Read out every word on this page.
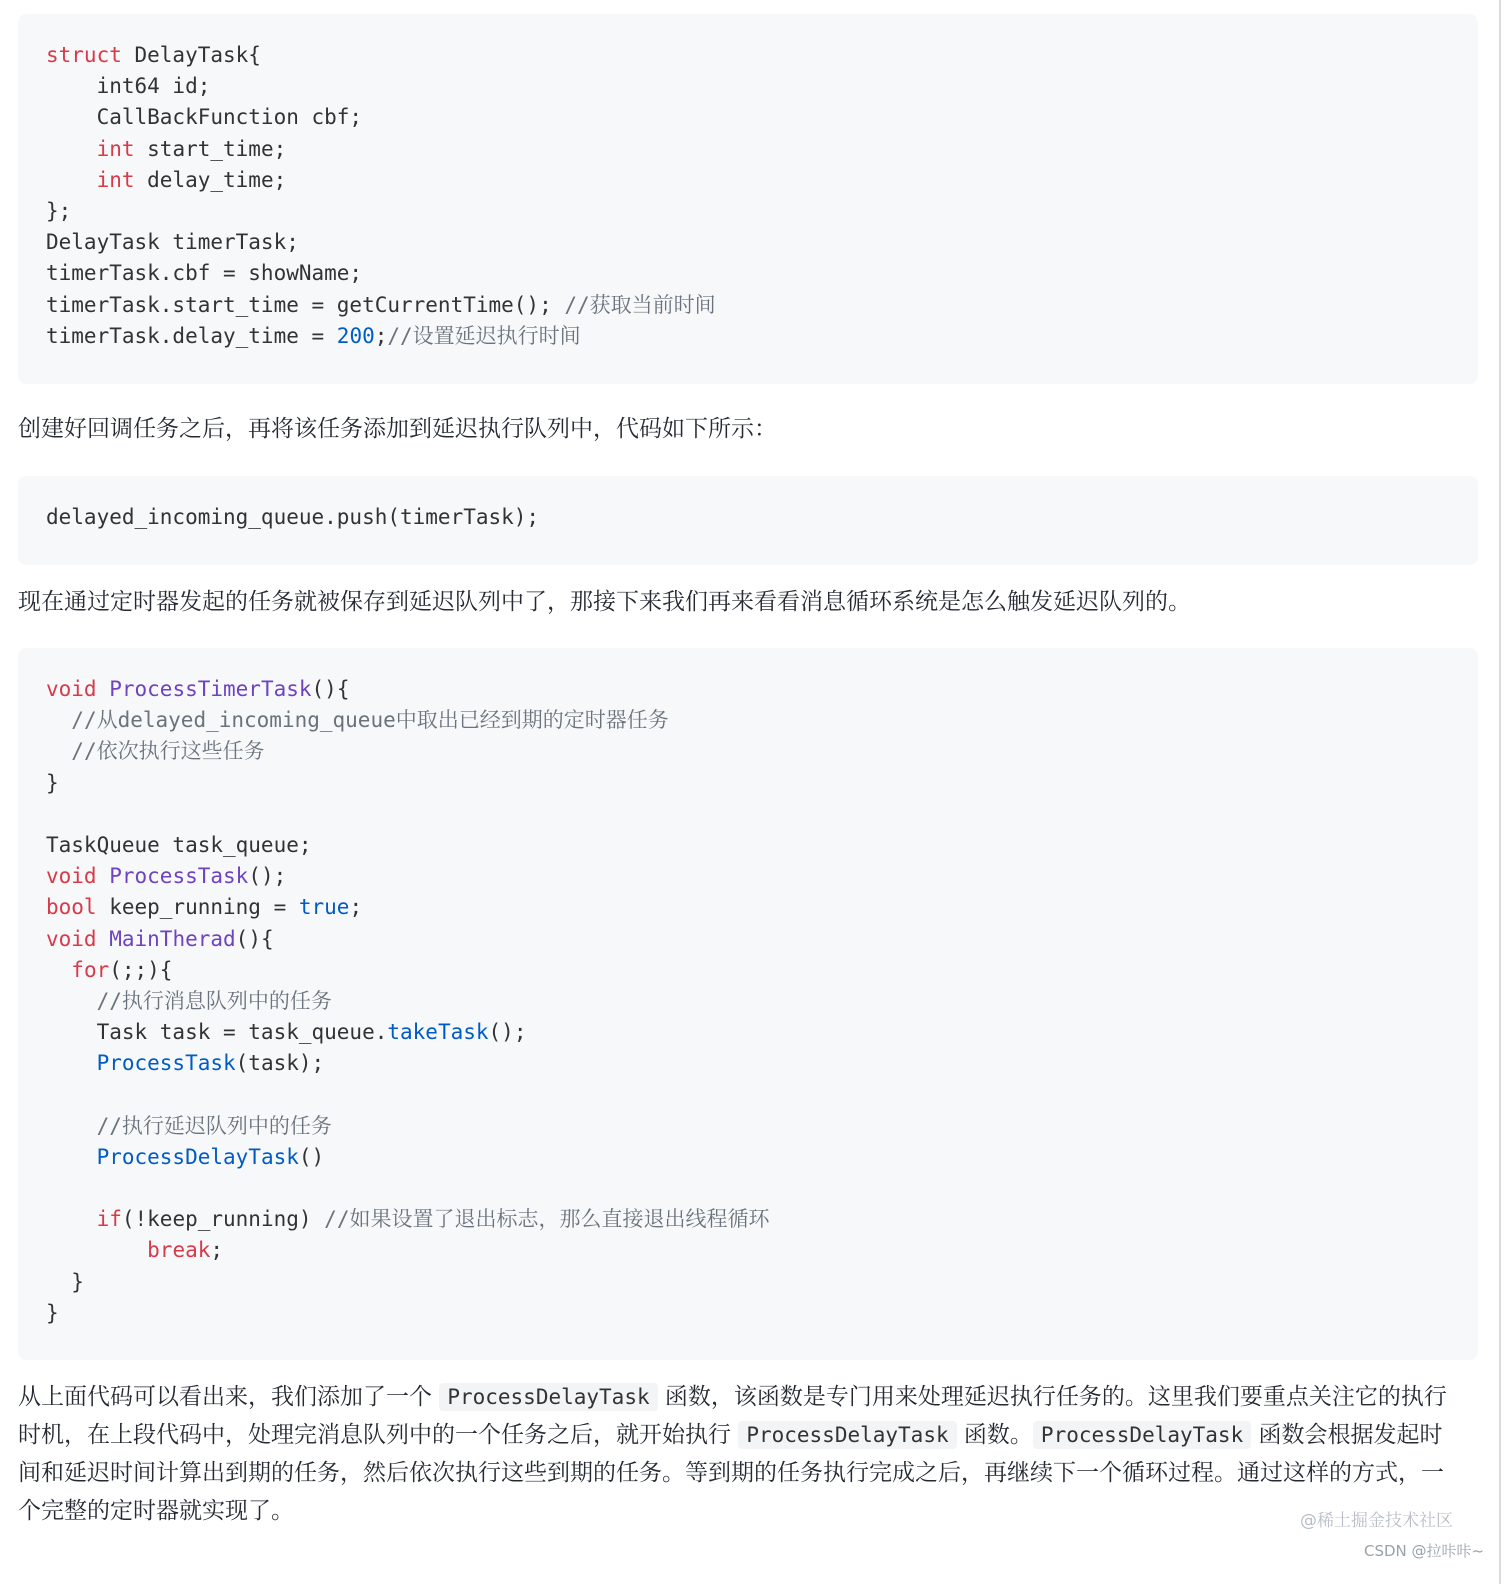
struct DelayTask{
int64 id;
CallBackFunction cbf;
int start_time;
int delay_time;
};
DelayTask timerTask;
timerTask.cbf = showName;
timerTask.start_time = getCurrentTime(); //获取当前时间
timerTask.delay_time = 200;//设置延迟执行时间

创建好回调任务之后，再将该任务添加到延迟执行队列中，代码如下所示：

delayed_incoming_queue.push(timerTask);

现在通过定时器发起的任务就被保存到延迟队列中了，那接下来我们再来看看消息循环系统是怎么触发延迟队列的。

void ProcessTimerTask(){
//从delayed_incoming_queue中取出已经到期的定时器任务
//依次执行这些任务
}
TaskQueue task_queue;
void ProcessTask();
bool keep_running = true;
void MainTherad(){
for(;;){
//执行消息队列中的任务
Task task = task_queue.takeTask();
ProcessTask(task);
//执行延迟队列中的任务
ProcessDelayTask()
if(!keep_running) //如果设置了退出标志，那么直接退出线程循环
break;
}
}

从上面代码可以看出来，我们添加了一个 ProcessDelayTask 函数，该函数是专门用来处理延迟执行任务的。这里我们要重点关注它的执行时机，在上段代码中，处理完消息队列中的一个任务之后，就开始执行 ProcessDelayTask 函数。 ProcessDelayTask 函数会根据发起时间和延迟时间计算出到期的任务，然后依次执行这些到期的任务。等到期的任务执行完成之后，再继续下一个循环过程。通过这样的方式，一个完整的定时器就实现了。	@稀土掘金技术社区
CSDN @拉咔咔~
